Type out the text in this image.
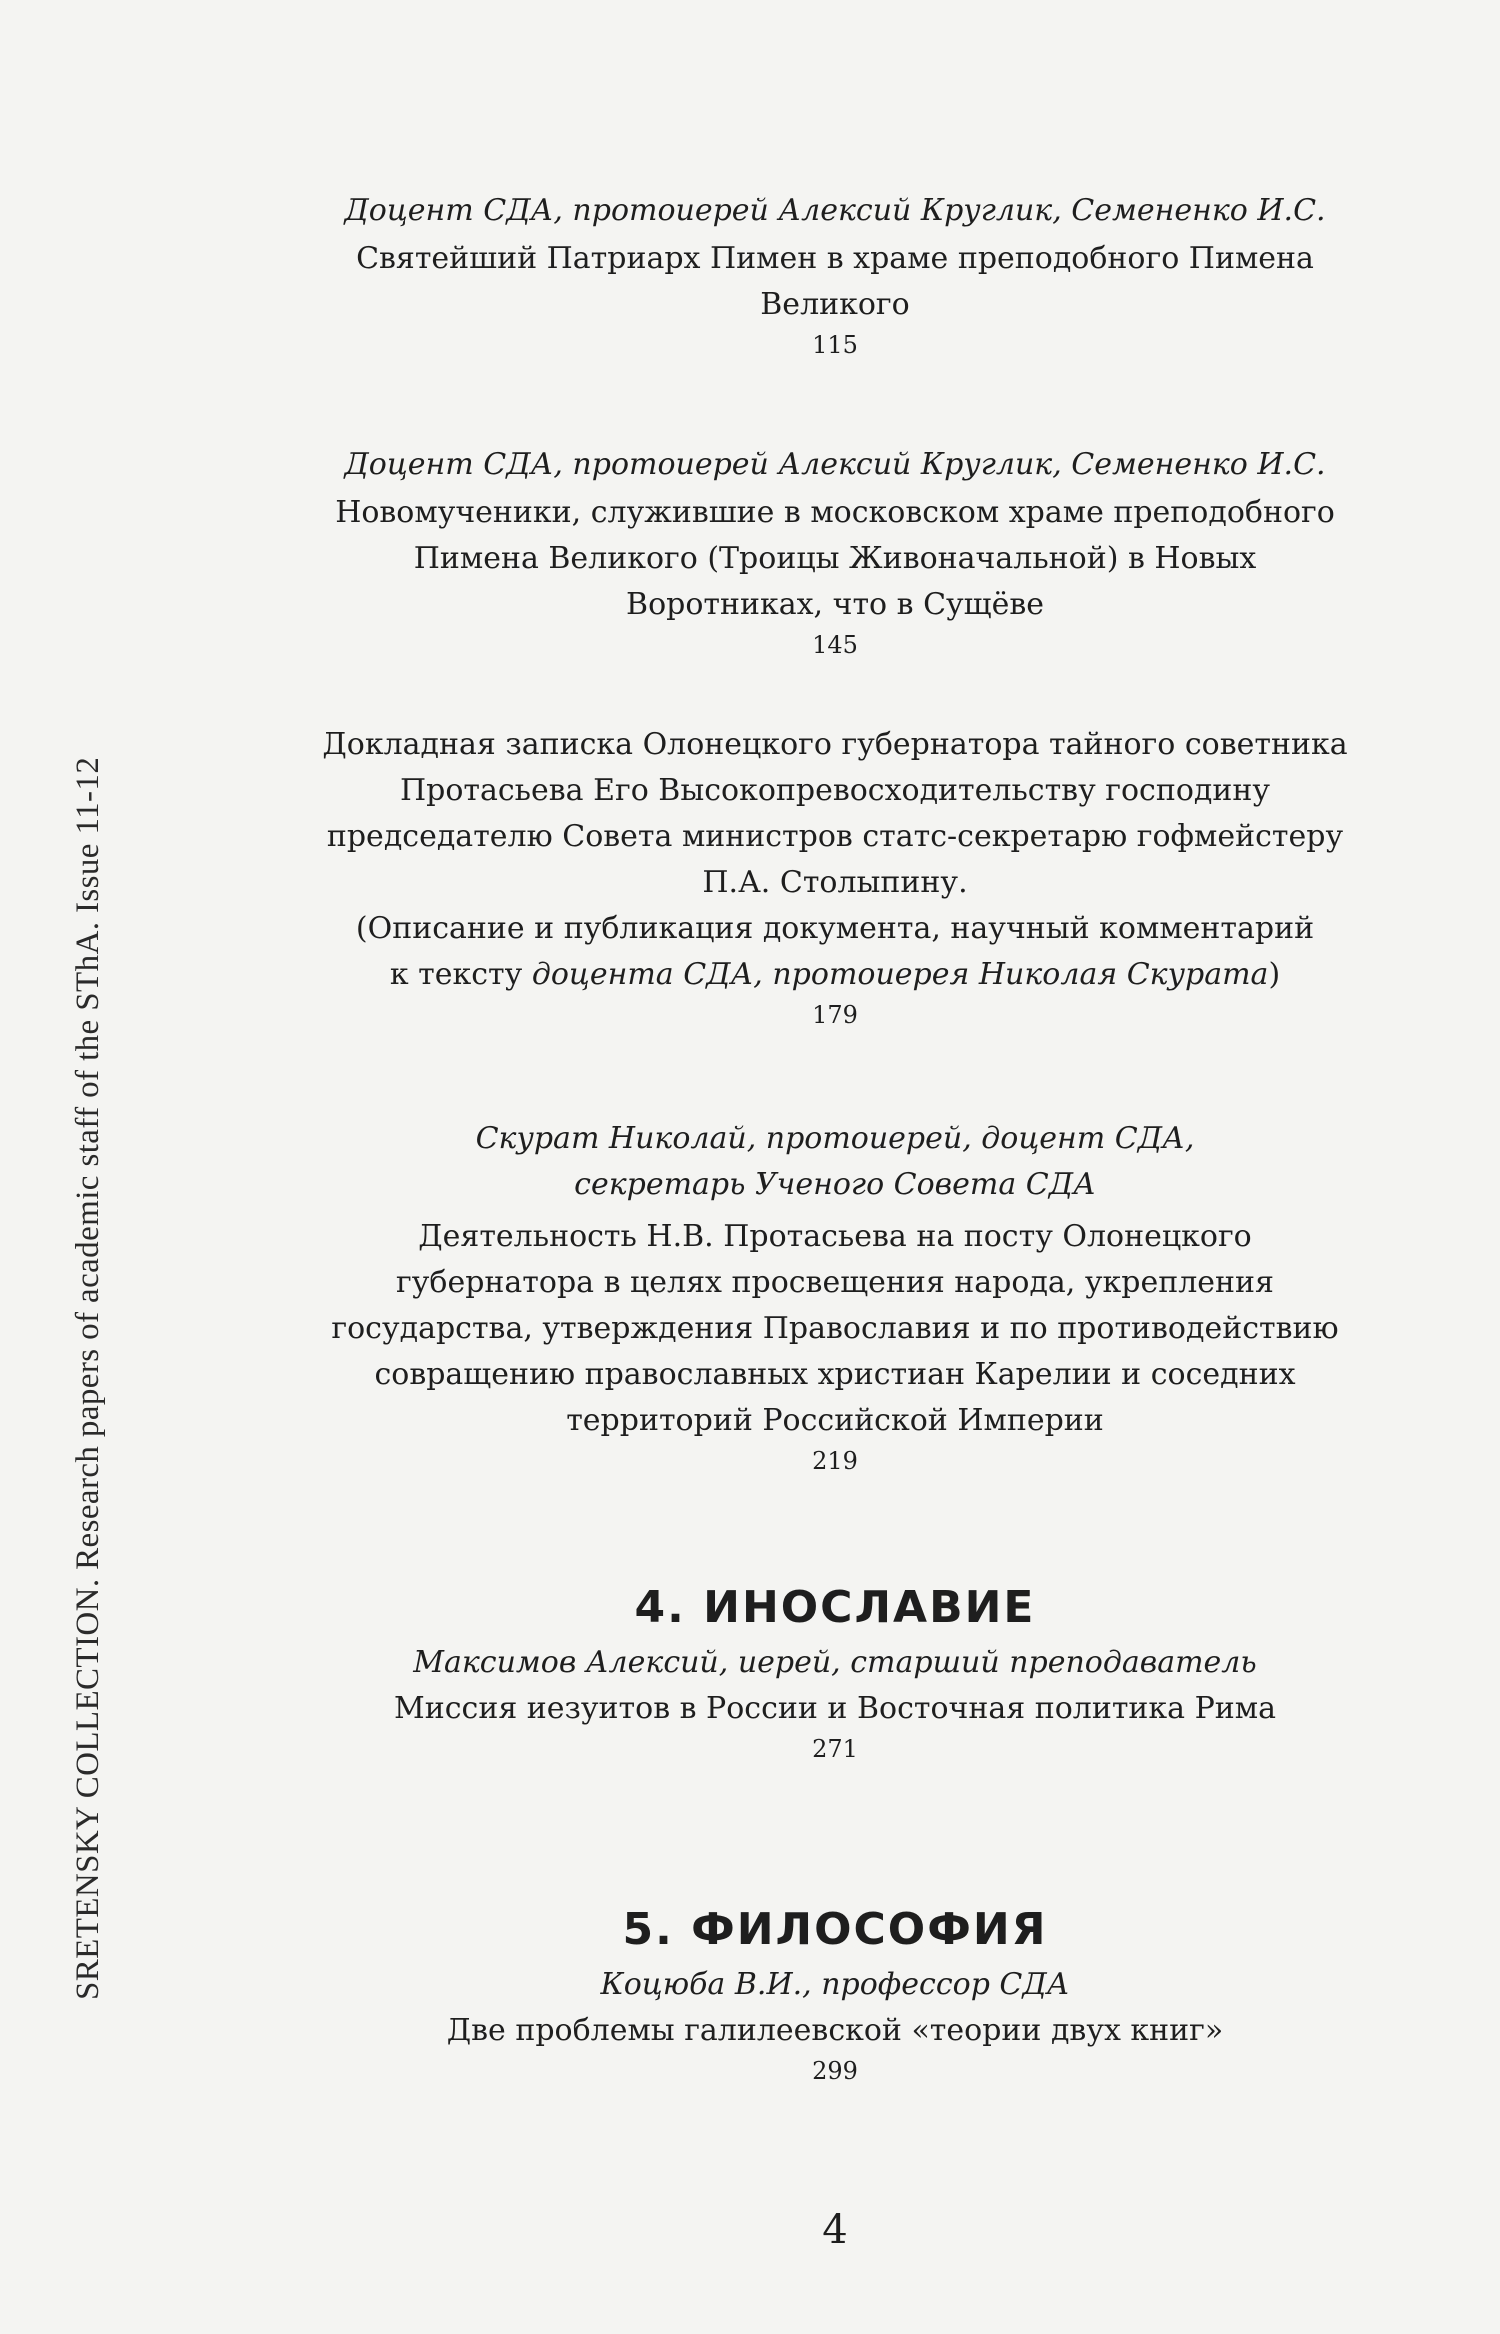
SRETENSKY COLLECTION. Research papers of academic staff of the SThA. Issue 11-12
Доцент СДА, протоиерей Алексий Круглик, Семененко И.С.
Святейший Патриарх Пимен в храме преподобного Пимена
Великого
115
Доцент СДА, протоиерей Алексий Круглик, Семененко И.С.
Новомученики, служившие в московском храме преподобного
Пимена Великого (Троицы Живоначальной) в Новых
Воротниках, что в Сущёве
145
Докладная записка Олонецкого губернатора тайного советника
Протасьева Его Высокопревосходительству господину
председателю Совета министров статс-секретарю гофмейстеру
П.А. Столыпину.
(Описание и публикация документа, научный комментарий
к тексту доцента СДА, протоиерея Николая Скурата)
179
Скурат Николай, протоиерей, доцент СДА,
секретарь Ученого Совета СДА
Деятельность Н.В. Протасьева на посту Олонецкого
губернатора в целях просвещения народа, укрепления
государства, утверждения Православия и по противодействию
совращению православных христиан Карелии и соседних
территорий Российской Империи
219
4. ИНОСЛАВИЕ
Максимов Алексий, иерей, старший преподаватель
Миссия иезуитов в России и Восточная политика Рима
271
5. ФИЛОСОФИЯ
Коцюба В.И., профессор СДА
Две проблемы галилеевской «теории двух книг»
299
4
